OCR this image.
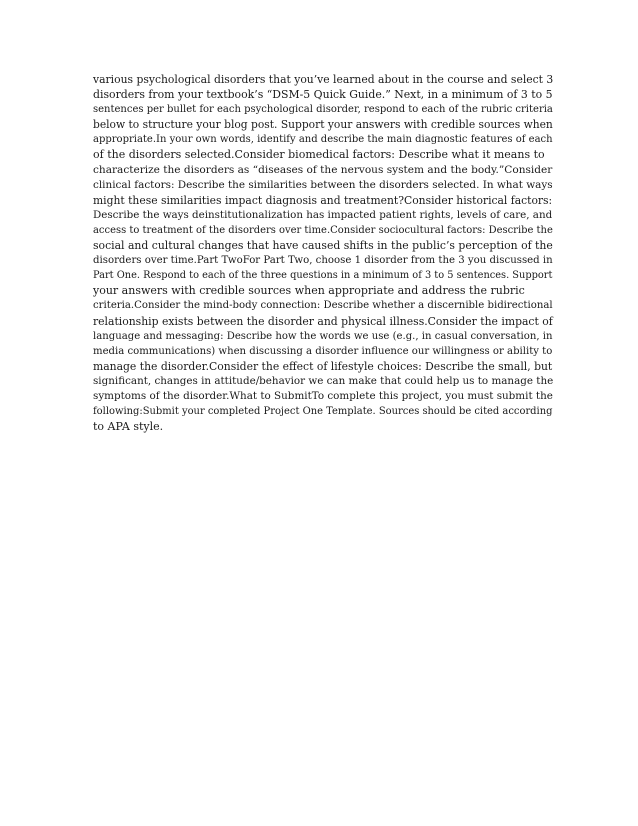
various psychological disorders that you’ve learned about in the course and select 3
disorders from your textbook’s “DSM-5 Quick Guide.” Next, in a minimum of 3 to 5
sentences per bullet for each psychological disorder, respond to each of the rubric criteria
below to structure your blog post. Support your answers with credible sources when
appropriate.In your own words, identify and describe the main diagnostic features of each
of the disorders selected.Consider biomedical factors: Describe what it means to
characterize the disorders as “diseases of the nervous system and the body.”Consider
clinical factors: Describe the similarities between the disorders selected. In what ways
might these similarities impact diagnosis and treatment?Consider historical factors:
Describe the ways deinstitutionalization has impacted patient rights, levels of care, and
access to treatment of the disorders over time.Consider sociocultural factors: Describe the
social and cultural changes that have caused shifts in the public’s perception of the
disorders over time.Part TwoFor Part Two, choose 1 disorder from the 3 you discussed in
Part One. Respond to each of the three questions in a minimum of 3 to 5 sentences. Support
your answers with credible sources when appropriate and address the rubric
criteria.Consider the mind-body connection: Describe whether a discernible bidirectional
relationship exists between the disorder and physical illness.Consider the impact of
language and messaging: Describe how the words we use (e.g., in casual conversation, in
media communications) when discussing a disorder influence our willingness or ability to
manage the disorder.Consider the effect of lifestyle choices: Describe the small, but
significant, changes in attitude/behavior we can make that could help us to manage the
symptoms of the disorder.What to SubmitTo complete this project, you must submit the
following:Submit your completed Project One Template. Sources should be cited according
to APA style.
